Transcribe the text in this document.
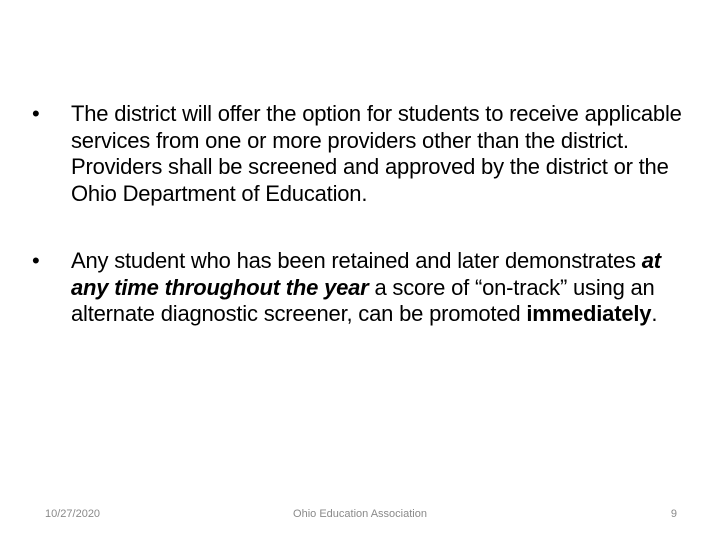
•	The district will offer the option for students to receive applicable services from one or more providers other than the district. Providers shall be screened and approved by the district or the Ohio Department of Education.
•	Any student who has been retained and later demonstrates at any time throughout the year a score of “on-track” using an alternate diagnostic screener, can be promoted immediately.
10/27/2020	Ohio Education Association	9
